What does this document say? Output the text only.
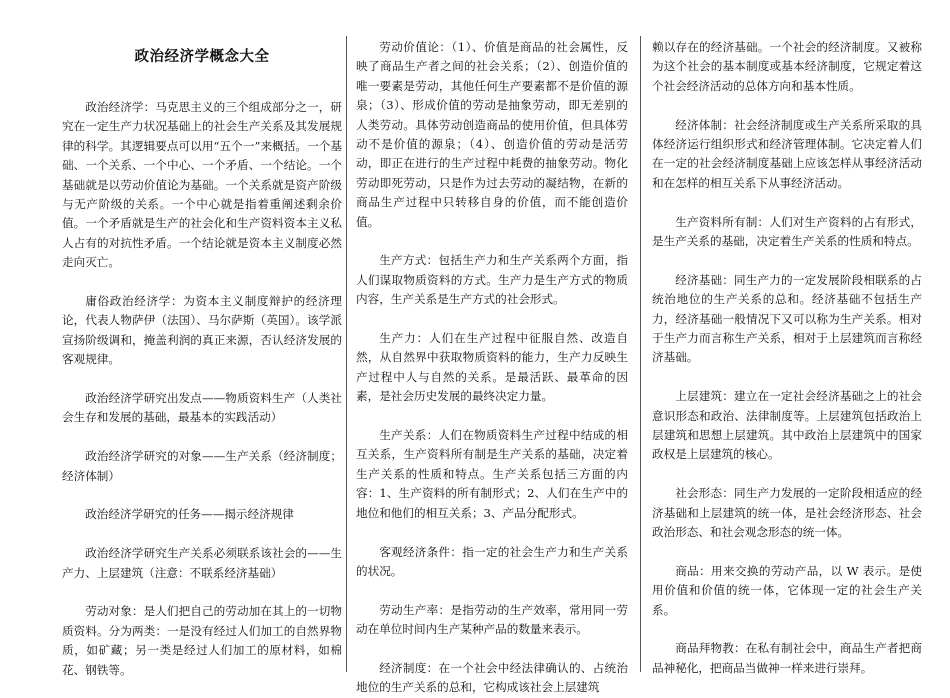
政治经济学概念大全

政治经济学：马克思主义的三个组成部分之一，研究在一定生产力状况基础上的社会生产关系及其发展规律的科学。其逻辑要点可以用“五个一”来概括。一个基础、一个关系、一个中心、一个矛盾、一个结论。一个基础就是以劳动价值论为基础。一个关系就是资产阶级与无产阶级的关系。一个中心就是指着重阐述剩余价值。一个矛盾就是生产的社会化和生产资料资本主义私人占有的对抗性矛盾。一个结论就是资本主义制度必然走向灭亡。

庸俗政治经济学：为资本主义制度辩护的经济理论，代表人物萨伊（法国）、马尔萨斯（英国）。该学派宣扬阶级调和，掩盖利润的真正来源，否认经济发展的客观规律。

政治经济学研究出发点——物质资料生产（人类社会生存和发展的基础，最基本的实践活动）

政治经济学研究的对象——生产关系（经济制度；经济体制）

政治经济学研究的任务——揭示经济规律

政治经济学研究生产关系必须联系该社会的——生产力、上层建筑（注意：不联系经济基础）

劳动对象：是人们把自己的劳动加在其上的一切物质资料。分为两类：一是没有经过人们加工的自然界物质，如矿藏；另一类是经过人们加工的原材料，如棉花、钢铁等。

劳动价值论：（1）、价值是商品的社会属性，反映了商品生产者之间的社会关系；（2）、创造价值的唯一要素是劳动，其他任何生产要素都不是价值的源泉；（3）、形成价值的劳动是抽象劳动，即无差别的人类劳动。具体劳动创造商品的使用价值，但具体劳动不是价值的源泉；（4）、创造价值的劳动是活劳动，即正在进行的生产过程中耗费的抽象劳动。物化劳动即死劳动，只是作为过去劳动的凝结物，在新的商品生产过程中只转移自身的价值，而不能创造价值。

生产方式：包括生产力和生产关系两个方面，指人们谋取物质资料的方式。生产力是生产方式的物质内容，生产关系是生产方式的社会形式。

生产力：人们在生产过程中征服自然、改造自然，从自然界中获取物质资料的能力，生产力反映生产过程中人与自然的关系。是最活跃、最革命的因素，是社会历史发展的最终决定力量。

生产关系：人们在物质资料生产过程中结成的相互关系，生产资料所有制是生产关系的基础，决定着生产关系的性质和特点。生产关系包括三方面的内容：1、生产资料的所有制形式；2、人们在生产中的地位和他们的相互关系；3、产品分配形式。

客观经济条件：指一定的社会生产力和生产关系的状况。

劳动生产率：是指劳动的生产效率，常用同一劳动在单位时间内生产某种产品的数量来表示。

经济制度：在一个社会中经法律确认的、占统治地位的生产关系的总和，它构成该社会上层建筑

赖以存在的经济基础。一个社会的经济制度。又被称为这个社会的基本制度或基本经济制度，它规定着这个社会经济活动的总体方向和基本性质。

经济体制：社会经济制度或生产关系所采取的具体经济运行组织形式和经济管理体制。它决定着人们在一定的社会经济制度基础上应该怎样从事经济活动和在怎样的相互关系下从事经济活动。

生产资料所有制：人们对生产资料的占有形式，是生产关系的基础，决定着生产关系的性质和特点。

经济基础：同生产力的一定发展阶段相联系的占统治地位的生产关系的总和。经济基础不包括生产力，经济基础一般情况下又可以称为生产关系。相对于生产力而言称生产关系，相对于上层建筑而言称经济基础。

上层建筑：建立在一定社会经济基础之上的社会意识形态和政治、法律制度等。上层建筑包括政治上层建筑和思想上层建筑。其中政治上层建筑中的国家政权是上层建筑的核心。

社会形态：同生产力发展的一定阶段相适应的经济基础和上层建筑的统一体，是社会经济形态、社会政治形态、和社会观念形态的统一体。

商品：用来交换的劳动产品，以 W 表示。是使用价值和价值的统一体，它体现一定的社会生产关系。

商品拜物教：在私有制社会中，商品生产者把商品神秘化，把商品当做神一样来进行崇拜。
